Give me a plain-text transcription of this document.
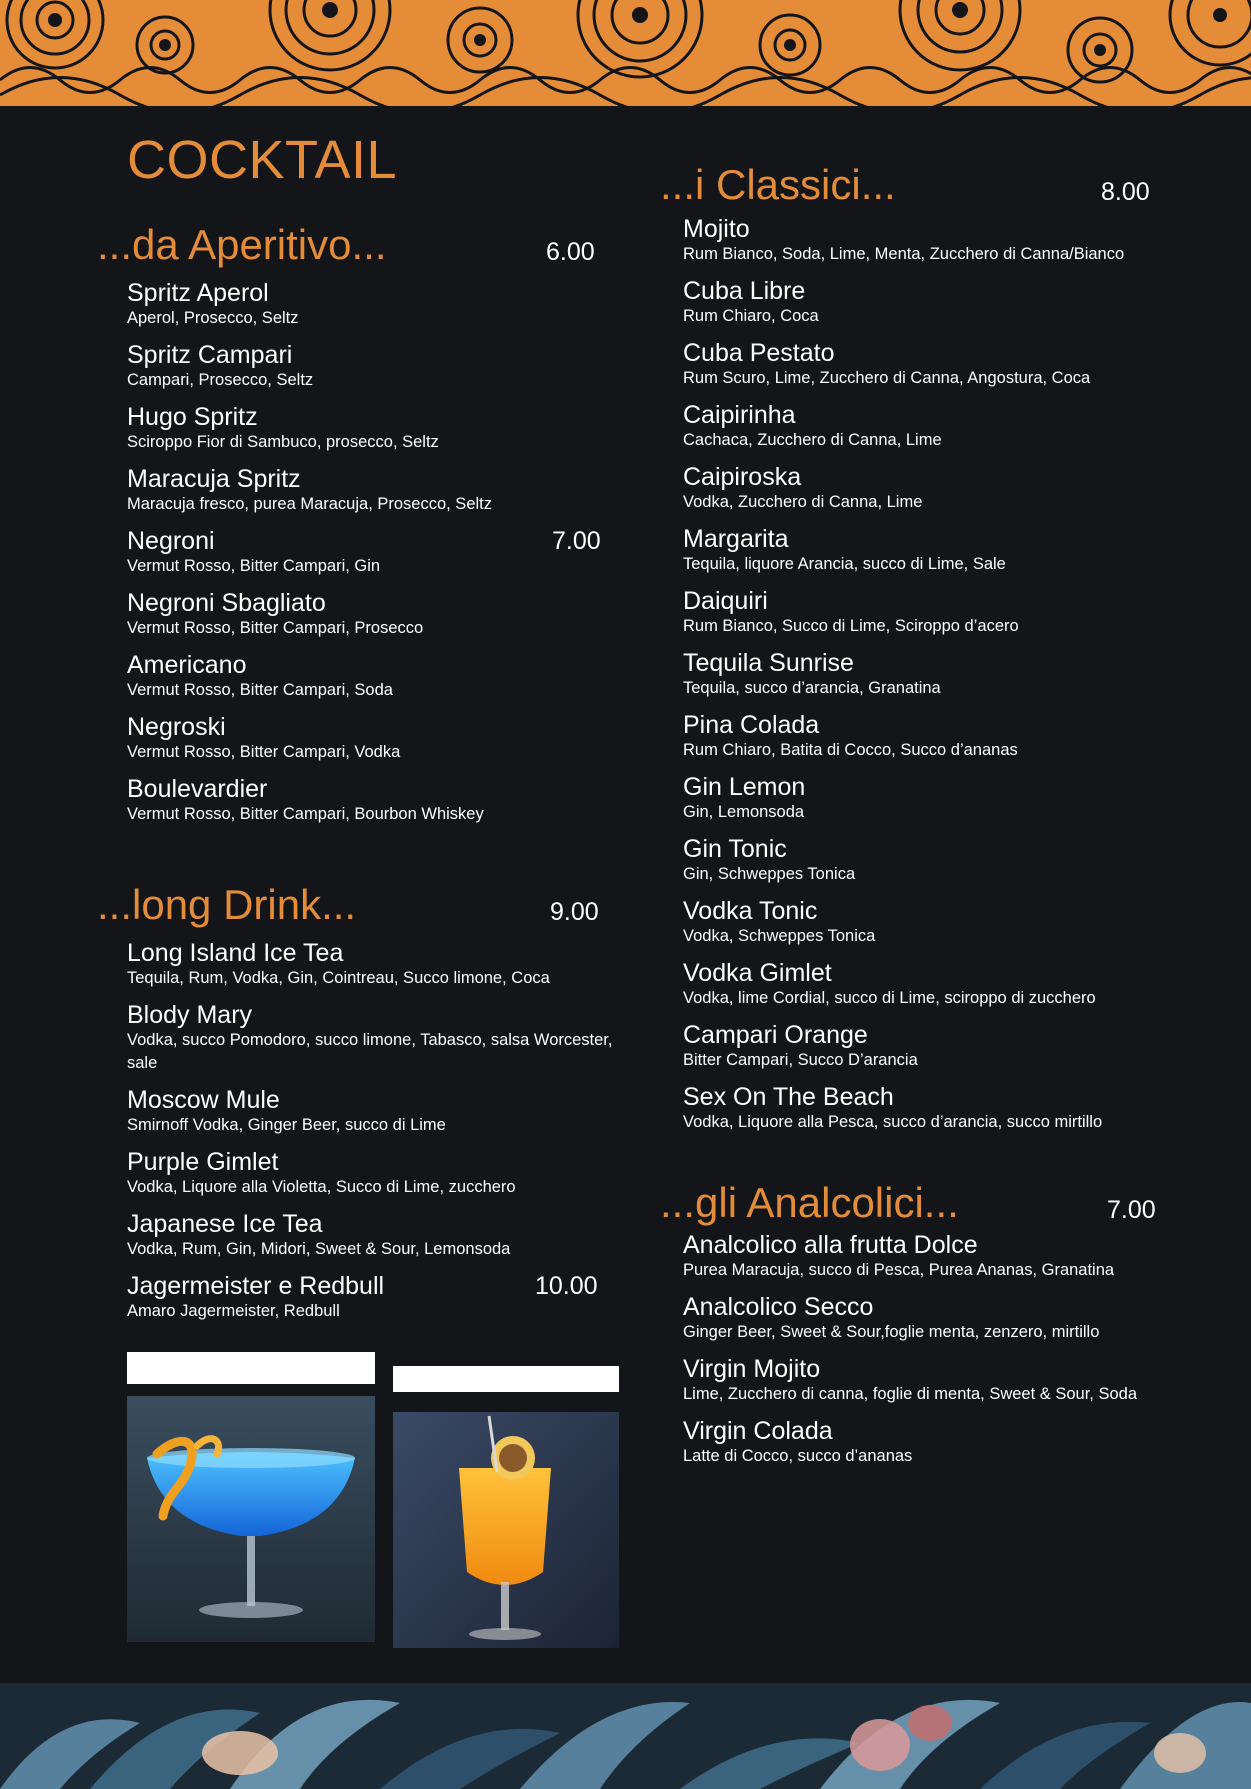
COCKTAIL
...da Aperitivo...	6.00
Spritz Aperol
Aperol, Prosecco, Seltz
Spritz Campari
Campari, Prosecco, Seltz
Hugo Spritz
Sciroppo Fior di Sambuco, prosecco, Seltz
Maracuja Spritz
Maracuja fresco, purea Maracuja, Prosecco, Seltz
Negroni
Vermut Rosso, Bitter Campari, Gin
7.00
Negroni Sbagliato
Vermut Rosso, Bitter Campari, Prosecco
Americano
Vermut Rosso, Bitter Campari, Soda
Negroski
Vermut Rosso, Bitter Campari, Vodka
Boulevardier
Vermut Rosso, Bitter Campari, Bourbon Whiskey
...long Drink...	9.00
Long Island Ice Tea
Tequila, Rum, Vodka, Gin, Cointreau, Succo limone, Coca
Blody Mary
Vodka, succo Pomodoro, succo limone, Tabasco, salsa Worcester, sale
Moscow Mule
Smirnoff Vodka, Ginger Beer, succo di Lime
Purple Gimlet
Vodka, Liquore alla Violetta, Succo di Lime, zucchero
Japanese Ice Tea
Vodka, Rum, Gin, Midori, Sweet & Sour, Lemonsoda
Jagermeister e Redbull
Amaro Jagermeister, Redbull
10.00
...i Classici...	8.00
Mojito
Rum Bianco, Soda, Lime, Menta, Zucchero di Canna/Bianco
Cuba Libre
Rum Chiaro, Coca
Cuba Pestato
Rum Scuro, Lime, Zucchero di Canna, Angostura, Coca
Caipirinha
Cachaca, Zucchero di Canna, Lime
Caipiroska
Vodka, Zucchero di Canna, Lime
Margarita
Tequila, liquore Arancia, succo di Lime, Sale
Daiquiri
Rum Bianco, Succo di Lime, Sciroppo d’acero
Tequila Sunrise
Tequila, succo d’arancia, Granatina
Pina Colada
Rum Chiaro, Batita di Cocco, Succo d’ananas
Gin Lemon
Gin, Lemonsoda
Gin Tonic
Gin, Schweppes Tonica
Vodka Tonic
Vodka, Schweppes Tonica
Vodka Gimlet
Vodka, lime Cordial, succo di Lime, sciroppo di zucchero
Campari Orange
Bitter Campari, Succo D’arancia
Sex On The Beach
Vodka, Liquore alla Pesca, succo d’arancia, succo mirtillo
...gli Analcolici...	7.00
Analcolico alla frutta Dolce
Purea Maracuja, succo di Pesca, Purea Ananas, Granatina
Analcolico Secco
Ginger Beer, Sweet & Sour,foglie menta, zenzero, mirtillo
Virgin Mojito
Lime, Zucchero di canna, foglie di menta, Sweet & Sour, Soda
Virgin Colada
Latte di Cocco, succo d’ananas
